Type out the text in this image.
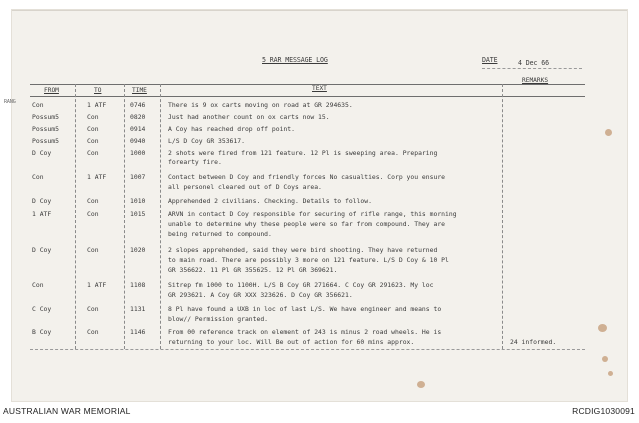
5 RAR MESSAGE LOG	DATE	4 Dec 66
RANG
FROM	TO	TIME	TEXT
REMARKS
Con	1 ATF	0746	There is 9 ox carts moving on road at GR 294635.
Possum5	Con	0820	Just had another count on ox carts now 15.
Possum5	Con	0914	A Coy has reached drop off point.
Possum5	Con	0940	L/S D Coy GR 353617.
D Coy	Con	1000	2 shots were fired from 121 feature. 12 Pl is sweeping area. Preparing
forearty fire.
Con	1 ATF	1007	Contact between D Coy and friendly forces No casualties. Corp you ensure
all personel cleared out of D Coys area.
D Coy	Con	1010	Apprehended 2 civilians. Checking. Details to follow.
1 ATF	Con	1015	ARVN in contact D Coy responsible for securing of rifle range, this morning
unable to determine why these people were so far from compound. They are
being returned to compound.
D Coy	Con	1020	2 slopes apprehended, said they were bird shooting. They have returned
to main road. There are possibly 3 more on 121 feature. L/S D Coy & 10 Pl
GR 356622. 11 Pl GR 355625. 12 Pl GR 369621.
Con	1 ATF	1108	Sitrep fm 1000 to 1100H. L/S B Coy GR 271664. C Coy GR 291623. My loc
GR 293621. A Coy GR XXX 323626. D Coy GR 356621.
C Coy	Con	1131	8 Pl have found a UXB in loc of last L/S. We have engineer and means to
blow// Permission granted.
B Coy	Con	1146	From 00 reference track on element of 243 is minus 2 road wheels. He is
returning to your loc. Will Be out of action for 60 mins approx.	24 informed.
AUSTRALIAN WAR MEMORIAL	RCDIG1030091
